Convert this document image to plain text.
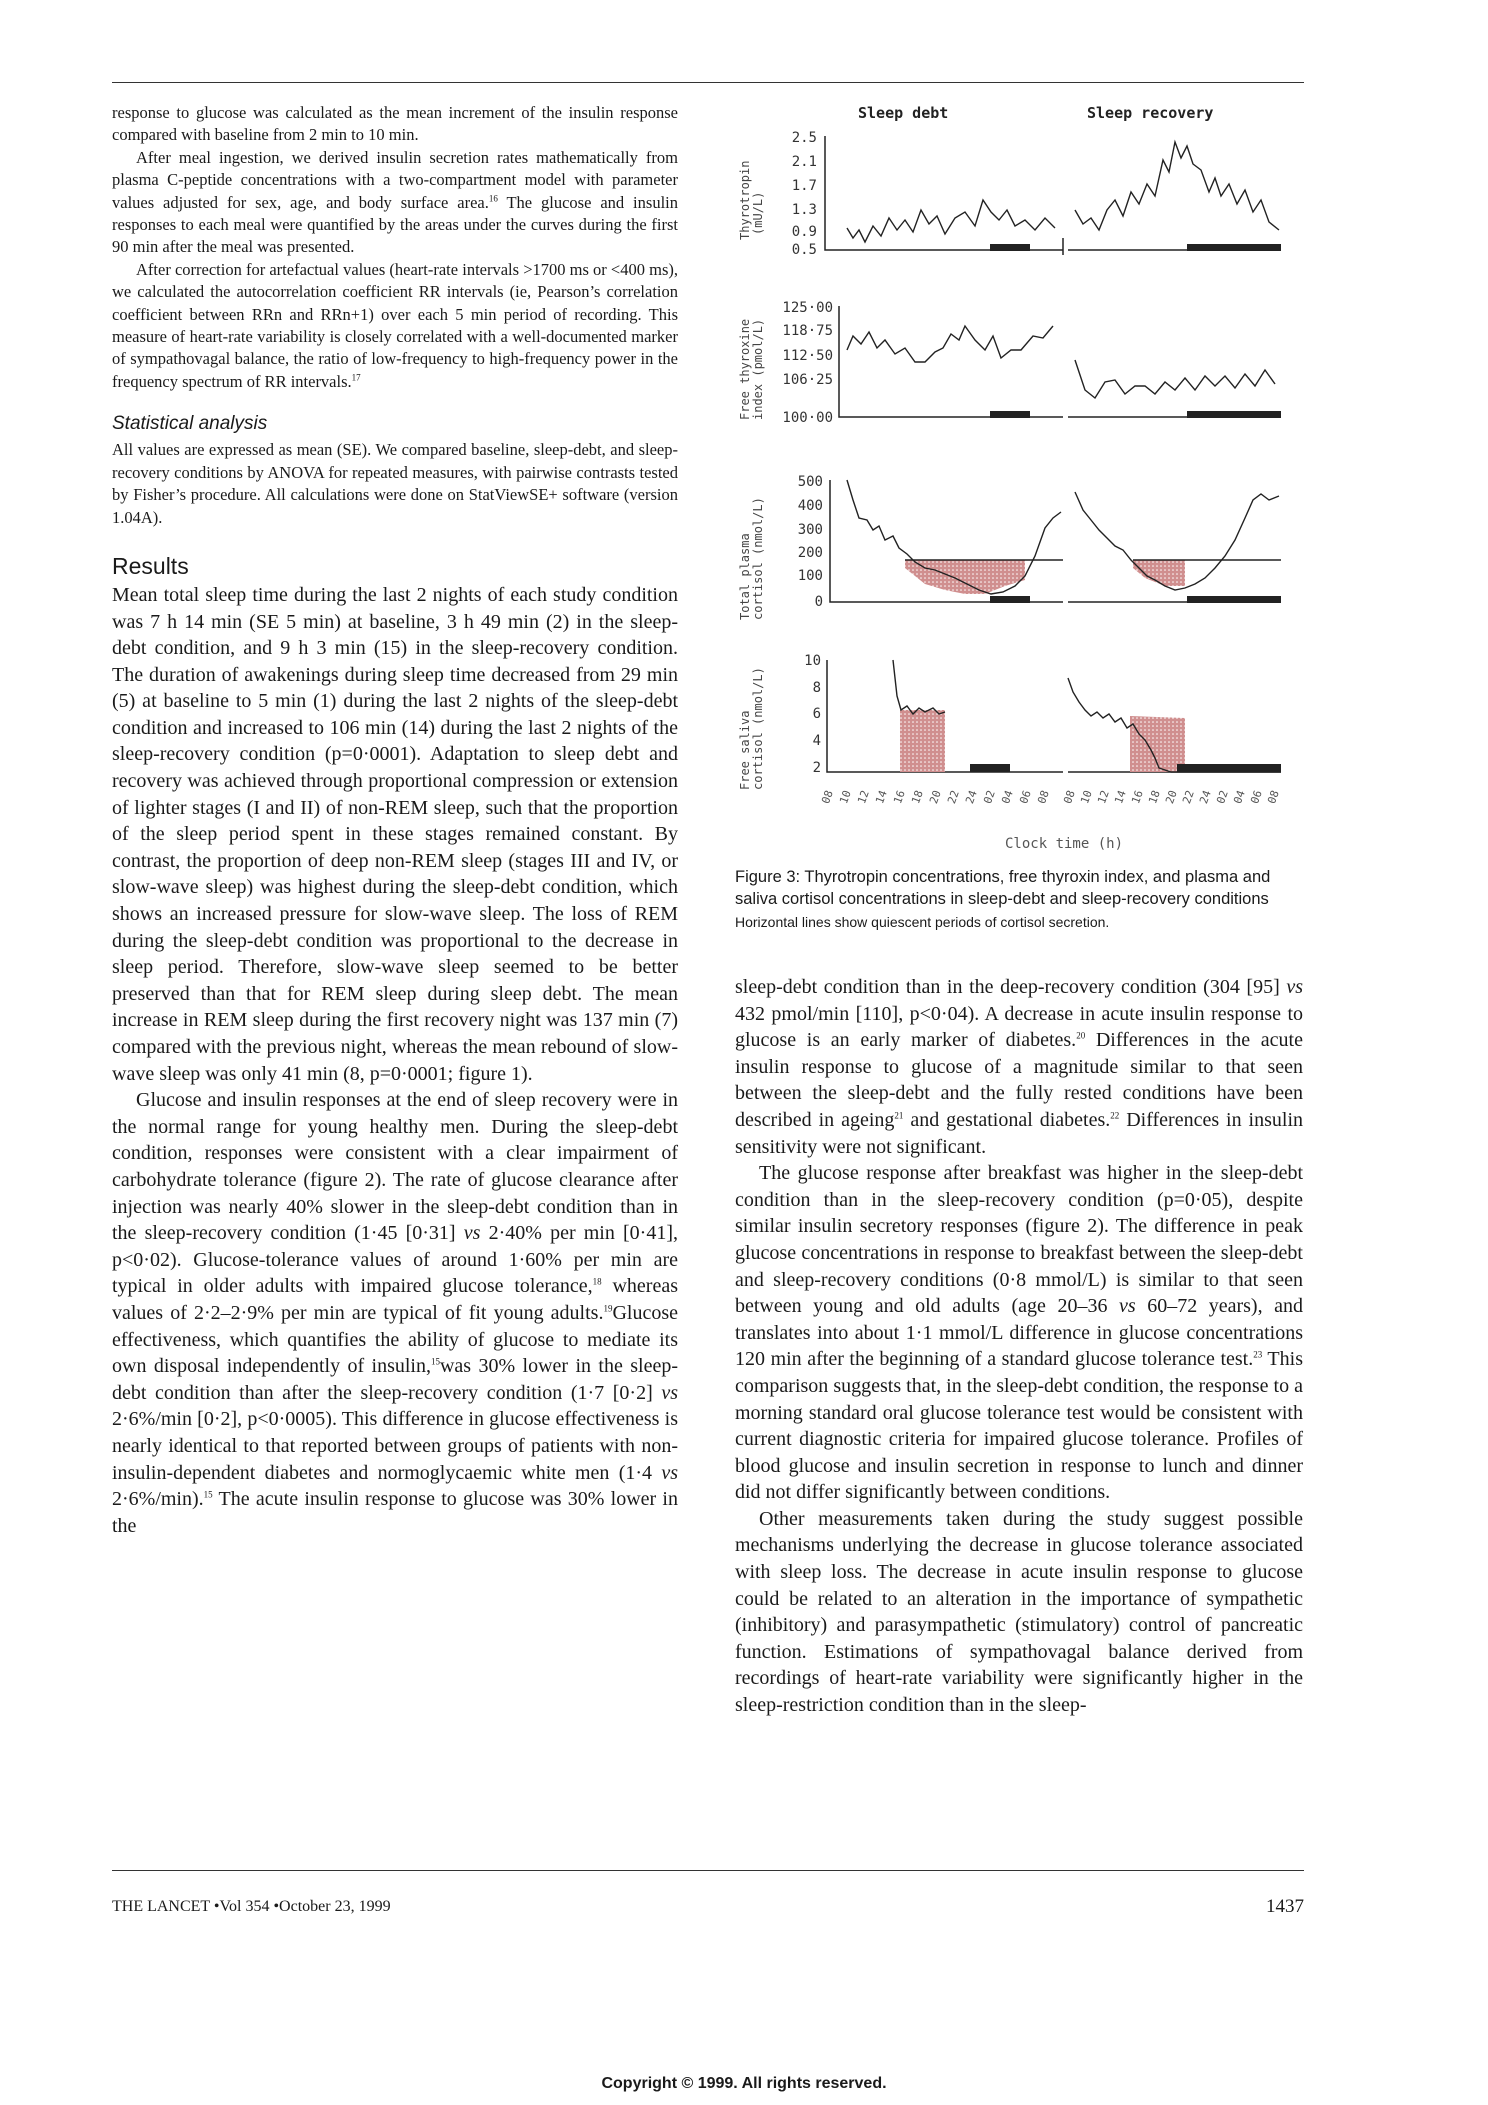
response to glucose was calculated as the mean increment of the insulin response compared with baseline from 2 min to 10 min.

After meal ingestion, we derived insulin secretion rates mathematically from plasma C-peptide concentrations with a two-compartment model with parameter values adjusted for sex, age, and body surface area.$^{16}$ The glucose and insulin responses to each meal were quantified by the areas under the curves during the first 90 min after the meal was presented.

After correction for artefactual values (heart-rate intervals >1700 ms or <400 ms), we calculated the autocorrelation coefficient RR intervals (ie, Pearson’s correlation coefficient between RRn and RRn+1) over each 5 min period of recording. This measure of heart-rate variability is closely correlated with a well-documented marker of sympathovagal balance, the ratio of low-frequency to high-frequency power in the frequency spectrum of RR intervals.$^{17}$

Statistical analysis

All values are expressed as mean (SE). We compared baseline, sleep-debt, and sleep-recovery conditions by ANOVA for repeated measures, with pairwise contrasts tested by Fisher’s procedure. All calculations were done on StatViewSE+ software (version 1.04A).

Results

Mean total sleep time during the last 2 nights of each study condition was 7 h 14 min (SE 5 min) at baseline, 3 h 49 min (2) in the sleep-debt condition, and 9 h 3 min (15) in the sleep-recovery condition. The duration of awakenings during sleep time decreased from 29 min (5) at baseline to 5 min (1) during the last 2 nights of the sleep-debt condition and increased to 106 min (14) during the last 2 nights of the sleep-recovery condition (p=0·0001). Adaptation to sleep debt and recovery was achieved through proportional compression or extension of lighter stages (I and II) of non-REM sleep, such that the proportion of the sleep period spent in these stages remained constant. By contrast, the proportion of deep non-REM sleep (stages III and IV, or slow-wave sleep) was highest during the sleep-debt condition, which shows an increased pressure for slow-wave sleep. The loss of REM during the sleep-debt condition was proportional to the decrease in sleep period. Therefore, slow-wave sleep seemed to be better preserved than that for REM sleep during sleep debt. The mean increase in REM sleep during the first recovery night was 137 min (7) compared with the previous night, whereas the mean rebound of slow-wave sleep was only 41 min (8, p=0·0001; figure 1).

Glucose and insulin responses at the end of sleep recovery were in the normal range for young healthy men. During the sleep-debt condition, responses were consistent with a clear impairment of carbohydrate tolerance (figure 2). The rate of glucose clearance after injection was nearly 40% slower in the sleep-debt condition than in the sleep-recovery condition (1·45 [0·31] vs 2·40% per min [0·41], p<0·02). Glucose-tolerance values of around 1·60% per min are typical in older adults with impaired glucose tolerance,$^{18}$ whereas values of 2·2–2·9% per min are typical of fit young adults.$^{19}$Glucose effectiveness, which quantifies the ability of glucose to mediate its own disposal independently of insulin,$^{15}$was 30% lower in the sleep-debt condition than after the sleep-recovery condition (1·7 [0·2] vs 2·6%/min [0·2], p<0·0005). This difference in glucose effectiveness is nearly identical to that reported between groups of patients with non-insulin-dependent diabetes and normoglycaemic white men (1·4 vs 2·6%/min).$^{15}$ The acute insulin response to glucose was 30% lower in the

Sleep debt	Sleep recovery
Thyrotropin (mU/L)
Free thyroxine index (pmol/L)
Total plasma cortisol (nmol/L)
Free saliva cortisol (nmol/L)
2.5
2.1
1.7
1.3
0.9
0.5
125·00
118·75
112·50
106·25
100·00
500
400
300
200
100
0
10
8
6
4
2
08 10 12 14 16 18 20 22 24 02 04 06 08 08 10 12 14 16 18 20 22 24 02 04 06 08
Clock time (h)
Figure 3: Thyrotropin concentrations, free thyroxin index, and plasma and saliva cortisol concentrations in sleep-debt and sleep-recovery conditions
Horizontal lines show quiescent periods of cortisol secretion.

sleep-debt condition than in the deep-recovery condition (304 [95] vs 432 pmol/min [110], p<0·04). A decrease in acute insulin response to glucose is an early marker of diabetes.$^{20}$ Differences in the acute insulin response to glucose of a magnitude similar to that seen between the sleep-debt and the fully rested conditions have been described in ageing$^{21}$ and gestational diabetes.$^{22}$ Differences in insulin sensitivity were not significant.

The glucose response after breakfast was higher in the sleep-debt condition than in the sleep-recovery condition (p=0·05), despite similar insulin secretory responses (figure 2). The difference in peak glucose concentrations in response to breakfast between the sleep-debt and sleep-recovery conditions (0·8 mmol/L) is similar to that seen between young and old adults (age 20–36 vs 60–72 years), and translates into about 1·1 mmol/L difference in glucose concentrations 120 min after the beginning of a standard glucose tolerance test.$^{23}$ This comparison suggests that, in the sleep-debt condition, the response to a morning standard oral glucose tolerance test would be consistent with current diagnostic criteria for impaired glucose tolerance. Profiles of blood glucose and insulin secretion in response to lunch and dinner did not differ significantly between conditions.

Other measurements taken during the study suggest possible mechanisms underlying the decrease in glucose tolerance associated with sleep loss. The decrease in acute insulin response to glucose could be related to an alteration in the importance of sympathetic (inhibitory) and parasympathetic (stimulatory) control of pancreatic function. Estimations of sympathovagal balance derived from recordings of heart-rate variability were significantly higher in the sleep-restriction condition than in the sleep-

THE LANCET •Vol 354 •October 23, 1999	1437
Copyright © 1999. All rights reserved.
